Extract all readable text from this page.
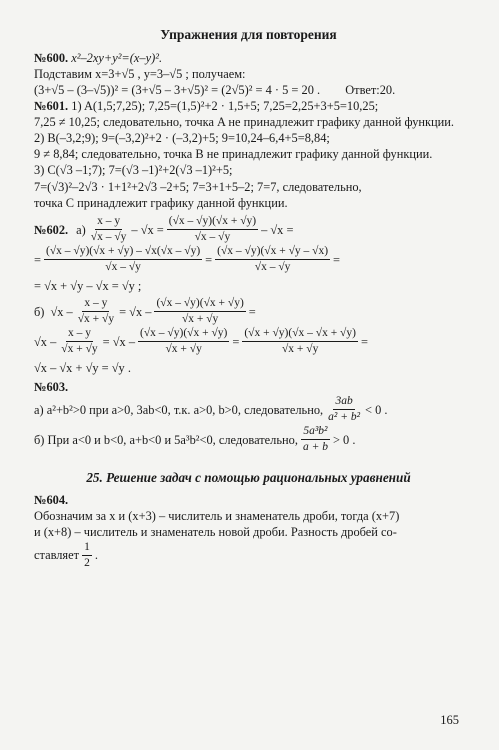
Упражнения для повторения
№600. x²–2xy+y²=(x–y)².
Подставим x=3+√5 , y=3–√5 ; получаем:
(3+√5 – (3–√5))² = (3+√5 – 3+√5)² = (2√5)² = 4 · 5 = 20 . Ответ:20.
№601. 1) A(1,5;7,25); 7,25=(1,5)²+2 · 1,5+5; 7,25=2,25+3+5=10,25;

7,25 ≠ 10,25; следовательно, точка A не принадлежит графику данной функции.

2) B(–3,2;9); 9=(–3,2)²+2 · (–3,2)+5; 9=10,24–6,4+5=8,84;

9 ≠ 8,84; следовательно, точка B не принадлежит графику данной функции.

3) C(√3 –1;7); 7=(√3 –1)²+2(√3 –1)²+5;
7=(√3)²–2√3 · 1+1²+2√3 –2+5; 7=3+1+5–2; 7=7, следовательно,
точка C принадлежит графику данной функции.
№602. $а) \frac{x - y}{√x - √y} - √x = \frac{(√x - √y)(√x + √y)}{√x - √y} - √x$ =
= $\frac{(√x - √y)(√x + √y) - √x(√x - √y)}{√x - √y} = \frac{(√x - √y)(√x + √y - √x)}{√x - √y}$ =
= √x + √y – √x = √y ;
б) $√x - \frac{x - y}{√x + √y} = √x - \frac{(√x - √y)(√x + √y)}{√x + √y}$ =
$√x - \frac{x - y}{√x + √y} = √x - \frac{(√x - √y)(√x + √y)}{√x + √y} = \frac{(√x + √y)(√x - √x + √y)}{√x + √y}$ =
√x – √x + √y = √y .
№603.
а) a²+b²>0 при a>0, 3ab<0, т.к. a>0, b>0, следовательно, $\frac{3ab}{\text{a² + b²}} < 0$ .
б) При a<0 и b<0, a+b<0 и 5a³b²<0, следовательно, $\frac{\text{5a³b²}}{a + b} > 0$ .
25. Решение задач с помощью рациональных уравнений
№604.
Обозначим за x и (x+3) – числитель и знаменатель дроби, тогда (x+7)
и (x+8) – числитель и знаменатель новой дроби. Разность дробей со-
ставляет $\frac{1}{2}$ .
165
